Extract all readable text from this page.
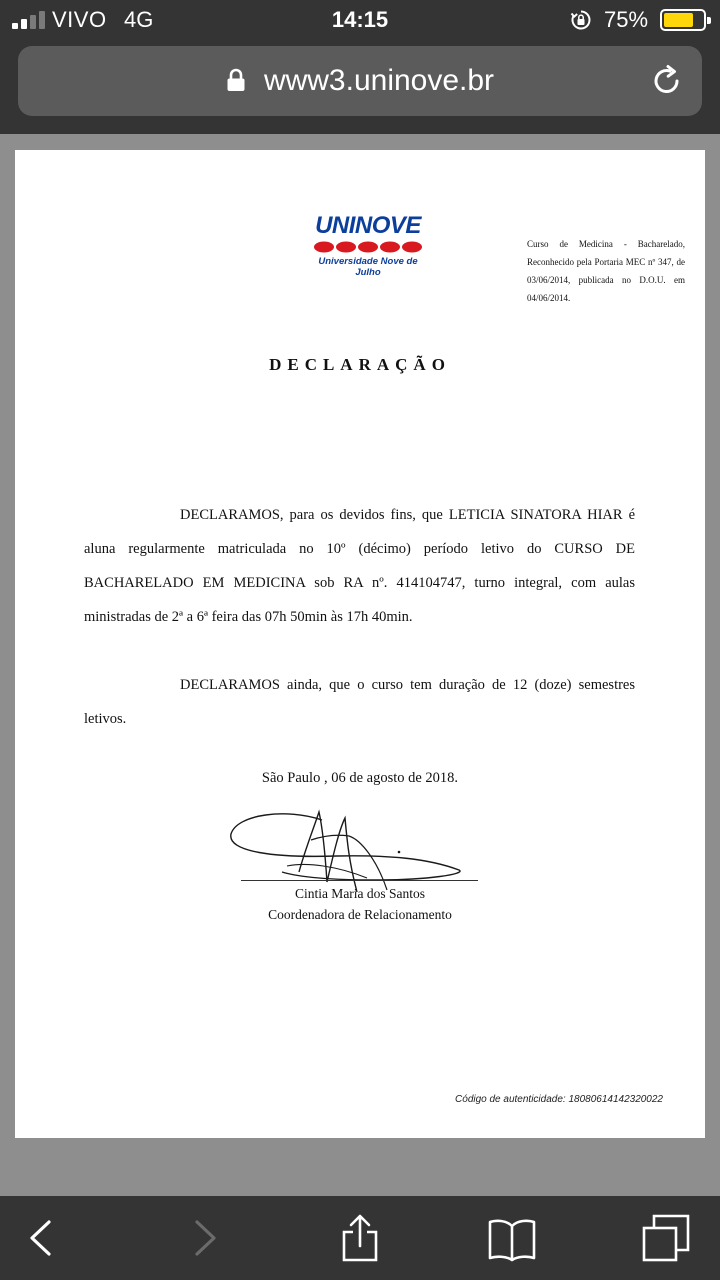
VIVO 4G	14:15	75%
www3.uninove.br
UNINOVE
Universidade Nove de Julho
Curso de Medicina - Bacharelado, Reconhecido pela Portaria MEC nº 347, de 03/06/2014, publicada no D.O.U. em 04/06/2014.
DECLARAÇÃO

DECLARAMOS, para os devidos fins, que LETICIA SINATORA HIAR é aluna regularmente matriculada no 10º (décimo) período letivo do CURSO DE BACHARELADO EM MEDICINA sob RA nº. 414104747, turno integral, com aulas ministradas de 2ª a 6ª feira das 07h 50min às 17h 40min.

DECLARAMOS ainda, que o curso tem duração de 12 (doze) semestres letivos.

São Paulo , 06 de agosto de 2018.
Cintia Maria dos Santos
Coordenadora de Relacionamento
Código de autenticidade: 18080614142320022
